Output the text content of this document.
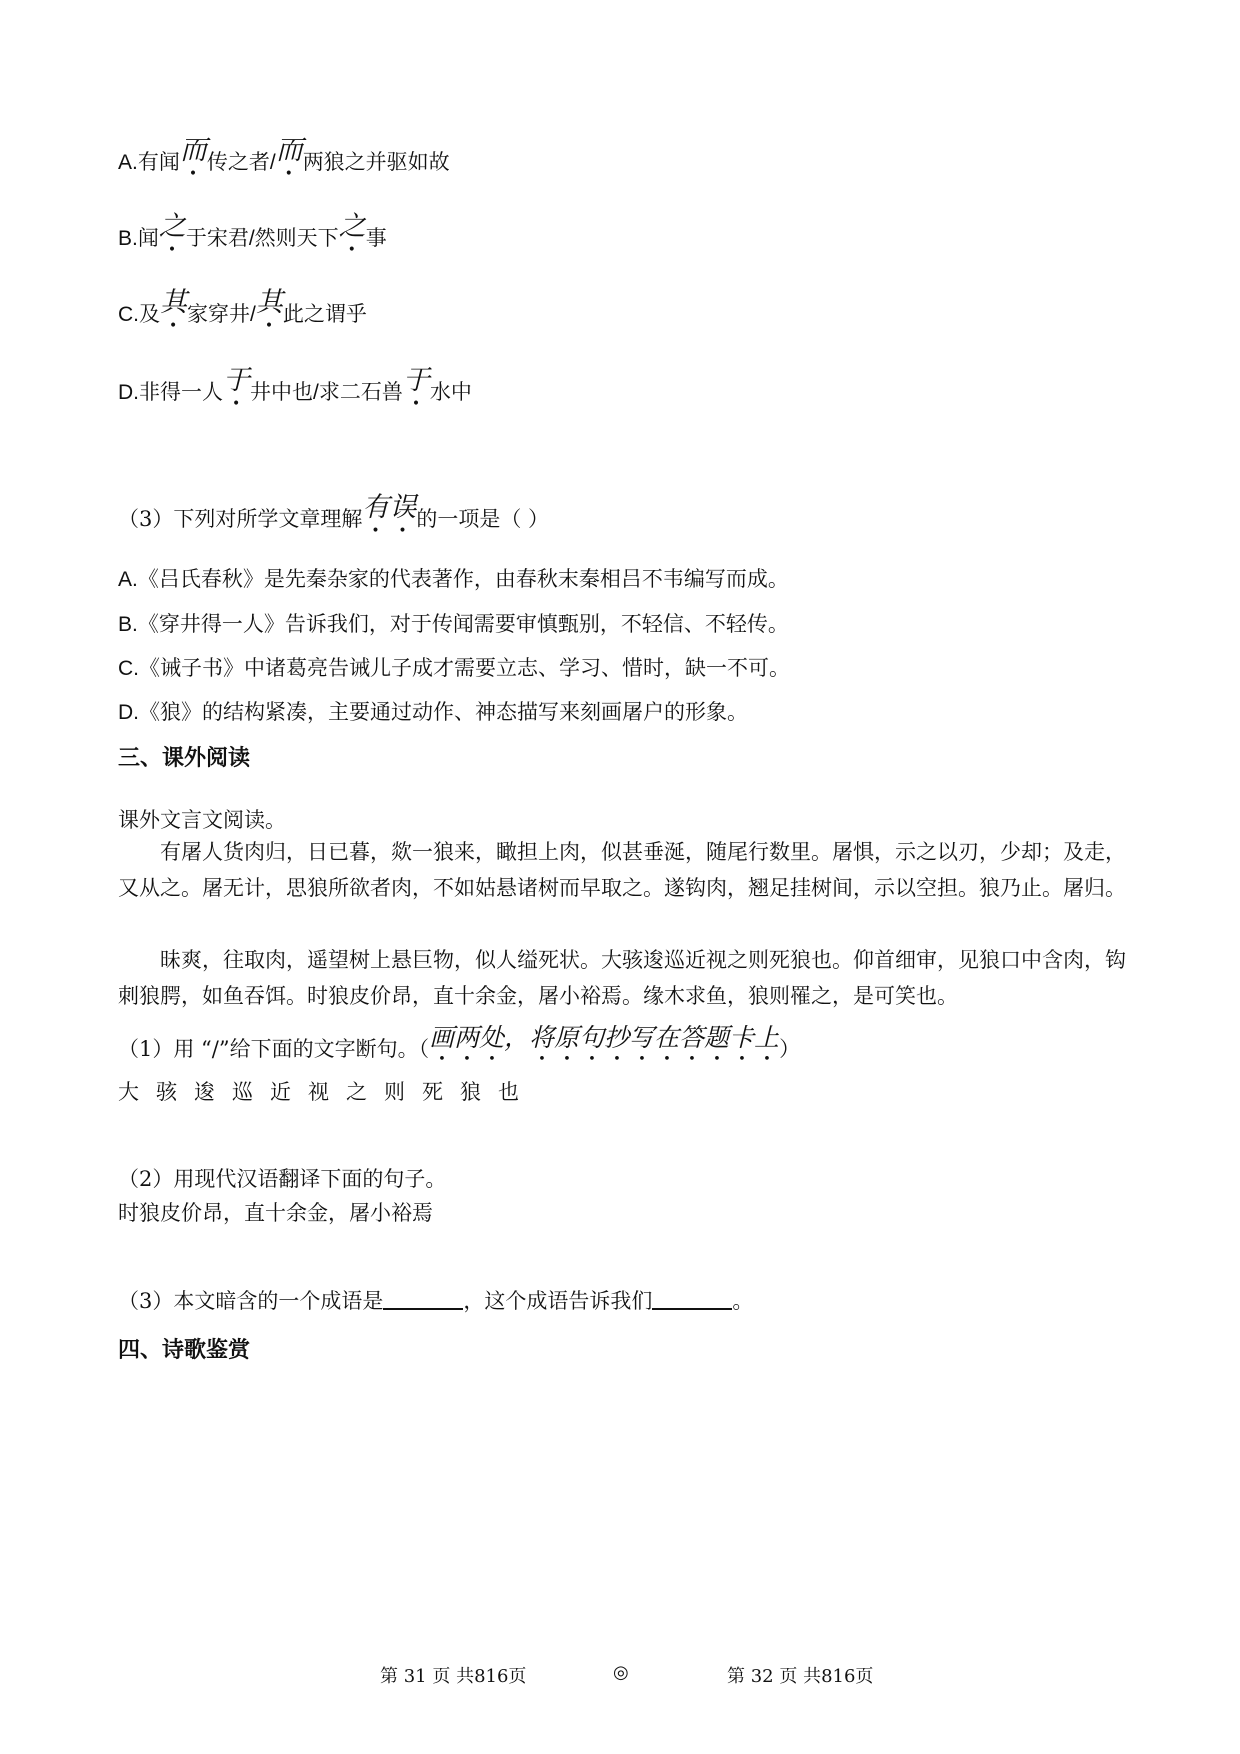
A.有闻而传之者/而两狼之并驱如故
B.闻之于宋君/然则天下之事
C.及其家穿井/其此之谓乎
D.非得一人于井中也/求二石兽于水中
（3）下列对所学文章理解有误的一项是（ ）
A.《吕氏春秋》是先秦杂家的代表著作，由春秋末秦相吕不韦编写而成。
B.《穿井得一人》告诉我们，对于传闻需要审慎甄别，不轻信、不轻传。
C.《诫子书》中诸葛亮告诫儿子成才需要立志、学习、惜时，缺一不可。
D.《狼》的结构紧凑，主要通过动作、神态描写来刻画屠户的形象。
三、课外阅读
课外文言文阅读。
有屠人货肉归，日已暮，欻一狼来，瞰担上肉，似甚垂涎，随尾行数里。屠惧，示之以刃，少却；及走，又从之。屠无计，思狼所欲者肉，不如姑悬诸树而早取之。遂钩肉，翘足挂树间，示以空担。狼乃止。屠归。
昧爽，往取肉，遥望树上悬巨物，似人缢死状。大骇逡巡近视之则死狼也。仰首细审，见狼口中含肉，钩刺狼腭，如鱼吞饵。时狼皮价昂，直十余金，屠小裕焉。缘木求鱼，狼则罹之，是可笑也。
（1）用 “/”给下面的文字断句。（画两处，将原句抄写在答题卡上）
大 骇 逡 巡 近 视 之 则 死 狼 也
（2）用现代汉语翻译下面的句子。
时狼皮价昂，直十余金，屠小裕焉
（3）本文暗含的一个成语是	，这个成语告诉我们	。
四、诗歌鉴赏
第 31 页 共816页	◎	第 32 页 共816页
